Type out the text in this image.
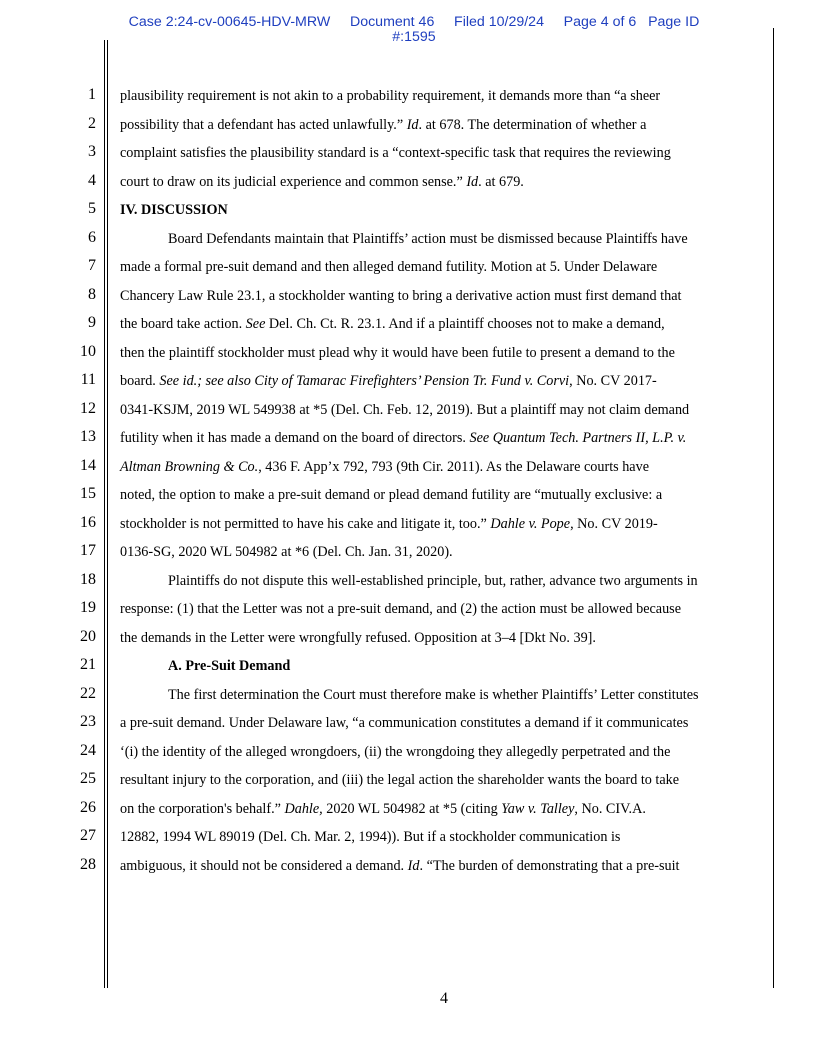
Case 2:24-cv-00645-HDV-MRW     Document 46     Filed 10/29/24     Page 4 of 6   Page ID
#:1595
1
2
3
4
5
6
7
8
9
10
11
12
13
14
15
16
17
18
19
20
21
22
23
24
25
26
27
28
plausibility requirement is not akin to a probability requirement, it demands more than “a sheer
possibility that a defendant has acted unlawfully.” Id. at 678. The determination of whether a
complaint satisfies the plausibility standard is a “context-specific task that requires the reviewing
court to draw on its judicial experience and common sense.” Id. at 679.
IV. DISCUSSION
Board Defendants maintain that Plaintiffs’ action must be dismissed because Plaintiffs have
made a formal pre-suit demand and then alleged demand futility. Motion at 5. Under Delaware
Chancery Law Rule 23.1, a stockholder wanting to bring a derivative action must first demand that
the board take action. See Del. Ch. Ct. R. 23.1. And if a plaintiff chooses not to make a demand,
then the plaintiff stockholder must plead why it would have been futile to present a demand to the
board. See id.; see also City of Tamarac Firefighters’ Pension Tr. Fund v. Corvi, No. CV 2017-
0341-KSJM, 2019 WL 549938 at *5 (Del. Ch. Feb. 12, 2019). But a plaintiff may not claim demand
futility when it has made a demand on the board of directors. See Quantum Tech. Partners II, L.P. v.
Altman Browning & Co., 436 F. App’x 792, 793 (9th Cir. 2011). As the Delaware courts have
noted, the option to make a pre-suit demand or plead demand futility are “mutually exclusive: a
stockholder is not permitted to have his cake and litigate it, too.” Dahle v. Pope, No. CV 2019-
0136-SG, 2020 WL 504982 at *6 (Del. Ch. Jan. 31, 2020).
Plaintiffs do not dispute this well-established principle, but, rather, advance two arguments in
response: (1) that the Letter was not a pre-suit demand, and (2) the action must be allowed because
the demands in the Letter were wrongfully refused. Opposition at 3–4 [Dkt No. 39].
A. Pre-Suit Demand
The first determination the Court must therefore make is whether Plaintiffs’ Letter constitutes
a pre-suit demand. Under Delaware law, “a communication constitutes a demand if it communicates
‘(i) the identity of the alleged wrongdoers, (ii) the wrongdoing they allegedly perpetrated and the
resultant injury to the corporation, and (iii) the legal action the shareholder wants the board to take
on the corporation's behalf.” Dahle, 2020 WL 504982 at *5 (citing Yaw v. Talley, No. CIV.A.
12882, 1994 WL 89019 (Del. Ch. Mar. 2, 1994)). But if a stockholder communication is
ambiguous, it should not be considered a demand. Id. “The burden of demonstrating that a pre-suit
4
